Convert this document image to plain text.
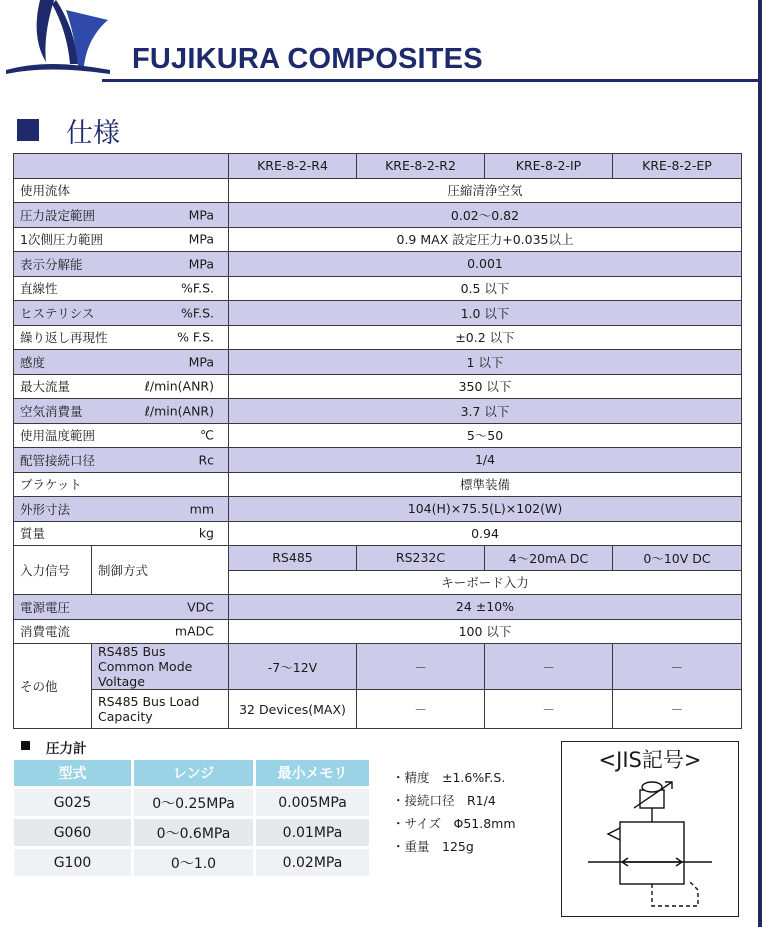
FUJIKURA COMPOSITES
仕様
		KRE-8-2-R4	KRE-8-2-R2	KRE-8-2-IP	KRE-8-2-EP
使用流体		圧縮清浄空気			
圧力設定範囲 MPa		0.02～0.82			
1次側圧力範囲 MPa		0.9 MAX 設定圧力+0.035以上			
表示分解能 MPa		0.001			
直線性 %F.S.		0.5 以下			
ヒステリシス %F.S.		1.0 以下			
繰り返し再現性 % F.S.		±0.2 以下			
感度 MPa		1 以下			
最大流量 ℓ/min(ANR)		350 以下			
空気消費量 ℓ/min(ANR)		3.7 以下			
使用温度範囲 ℃		5～50			
配管接続口径 Rc		1/4			
ブラケット		標準装備			
外形寸法 mm		104(H)×75.5(L)×102(W)			
質量 kg		0.94			
入力信号	制御方式	RS485	RS232C	4～20mA DC	0～10V DC
		キーボード入力			
電源電圧 VDC		24 ±10%			
消費電流 mADC		100 以下			
その他	RS485 Bus Common Mode Voltage	-7～12V	－	－	－
	RS485 Bus Load Capacity	32 Devices(MAX)	－	－	－
圧力計
型式	レンジ	最小メモリ
G025	0～0.25MPa	0.005MPa
G060	0～0.6MPa	0.01MPa
G100	0～1.0	0.02MPa
・精度　±1.6%F.S.
・接続口径　R1/4
・サイズ　Φ51.8mm
・重量　125g
<JIS記号>
